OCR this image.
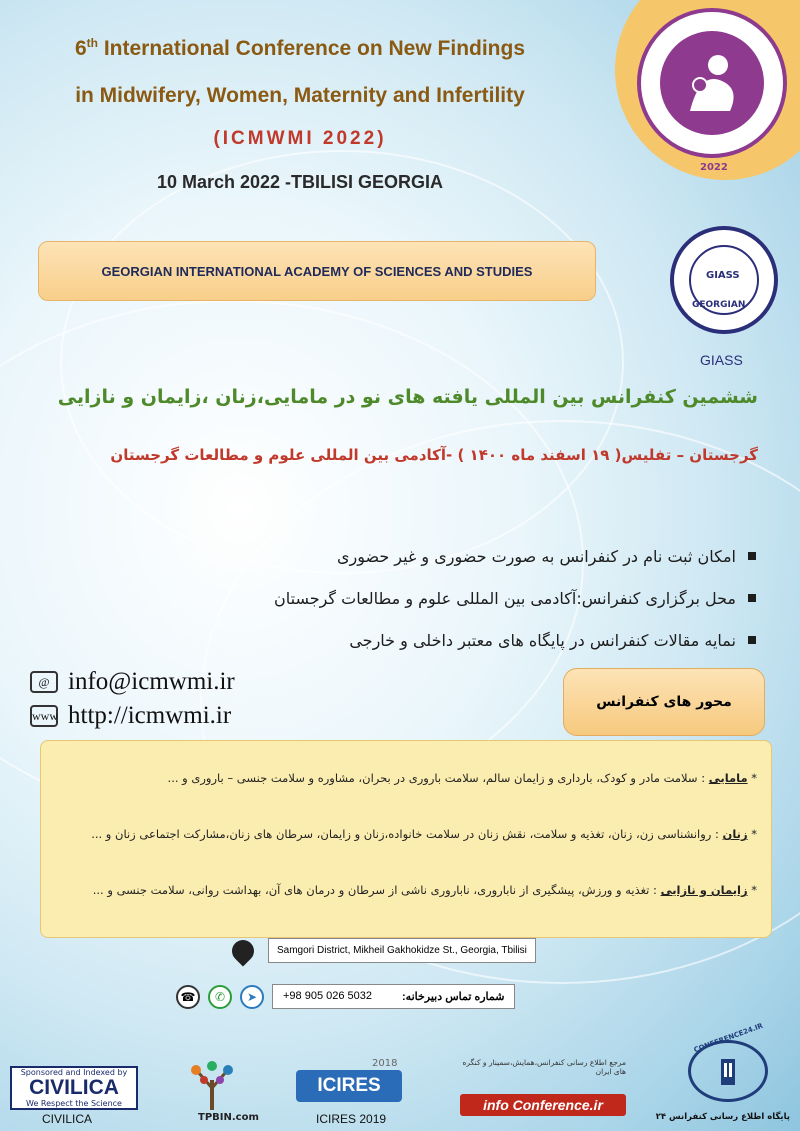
6th International Conference on New Findings
in Midwifery, Women, Maternity and Infertility
(ICMWMI 2022)
10 March 2022 -TBILISI GEORGIA
2022
GEORGIAN INTERNATIONAL ACADEMY OF SCIENCES AND STUDIES	GIASS
GEORGIAN
GIASS
ششمین کنفرانس بین المللی یافته های نو در مامایی،زنان ،زایمان و نازایی
گرجستان – تفلیس( ۱۹ اسفند ماه ۱۴۰۰ ) -آکادمی بین المللی علوم و مطالعات گرجستان
امکان ثبت نام در کنفرانس به صورت حضوری و غیر حضوری
محل برگزاری کنفرانس:آکادمی بین المللی علوم و مطالعات گرجستان
نمایه مقالات کنفرانس در پایگاه های معتبر داخلی و خارجی
@ info@icmwmi.ir
www http://icmwmi.ir
* مامایی : سلامت مادر و کودک، بارداری و زایمان سالم، سلامت باروری در بحران، مشاوره و سلامت جنسی – باروری و ...
* زنان : روانشناسی زن، زنان، تغذیه و سلامت، نقش زنان در سلامت خانواده،زنان و زایمان، سرطان های زنان،مشارکت اجتماعی زنان و ...
* زایمان و نازایی : تغذیه و ورزش، پیشگیری از ناباروری، ناباروری ناشی از سرطان و درمان های آن، بهداشت روانی، سلامت جنسی و ...
محور های کنفرانس
Samgori District, Mikheil Gakhokidze St., Georgia, Tbilisi
☎	✆	➤	+98 905 026 5032	شماره تماس دبیرخانه:
Sponsored and Indexed by
CIVILICA
We Respect the Science
CIVILICA	TPBIN.com
2018
ICIRES
ICIRES 2019
مرجع اطلاع رسانی کنفرانس،همایش،سمینار و کنگره های ایران
info Conference.ir
CONFERENCE24.IR
پایگاه اطلاع رسانی کنفرانس ۲۴
